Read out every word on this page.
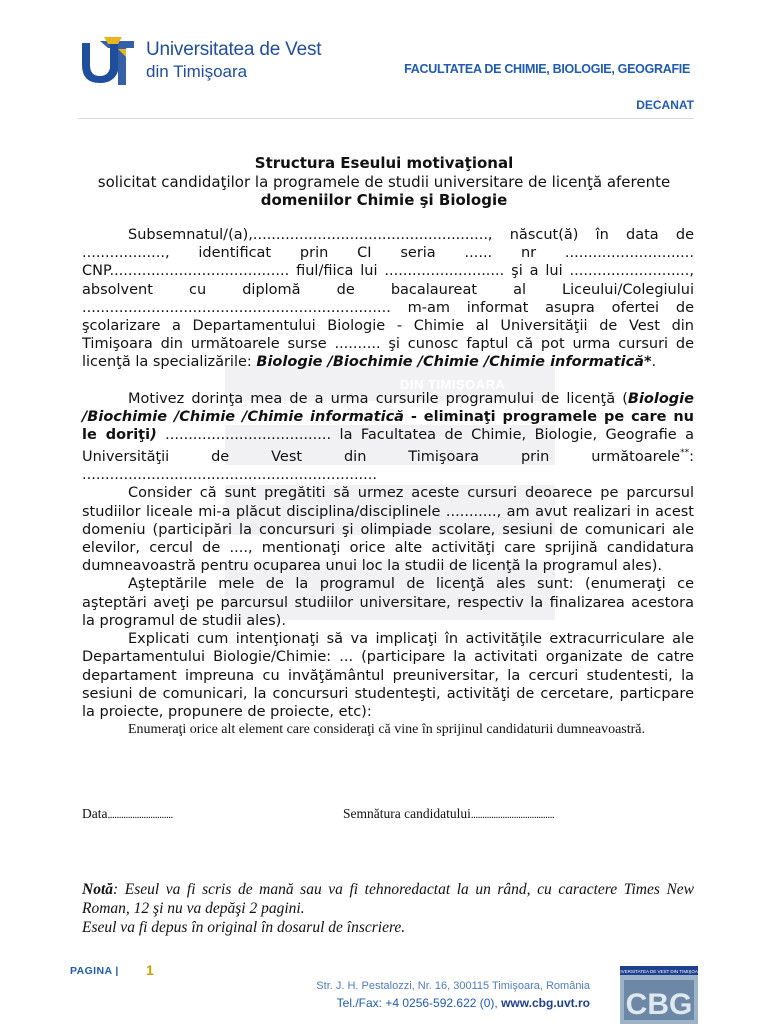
Universitatea de Vest
din Timişoara	FACULTATEA DE CHIMIE, BIOLOGIE, GEOGRAFIE
DECANAT
DIN TIMIŞOARA
Structura Eseului motivaţional
solicitat candidaţilor la programele de studii universitare de licenţă aferente
domeniilor Chimie şi Biologie

Subsemnatul/(a),..................................................., născut(ă) în data de .................., identificat prin CI seria ...... nr ............................ CNP....................................... fiul/fiica lui .......................... şi a lui .........................., absolvent cu diplomă de bacalaureat al Liceului/Colegiului ................................................................... m-am informat asupra ofertei de şcolarizare a Departamentului Biologie - Chimie al Universităţii de Vest din Timişoara din următoarele surse .......... şi cunosc faptul că pot urma cursuri de licenţă la specializările: Biologie /Biochimie /Chimie /Chimie informatică*.

Motivez dorinţa mea de a urma cursurile programului de licenţă (Biologie /Biochimie /Chimie /Chimie informatică - eliminaţi programele pe care nu le doriţi) .................................... la Facultatea de Chimie, Biologie, Geografie a Universităţii de Vest din Timişoara prin următoarele**: ................................................................

Consider că sunt pregătiti să urmez aceste cursuri deoarece pe parcursul studiilor liceale mi-a plăcut disciplina/disciplinele ..........., am avut realizari in acest domeniu (participări la concursuri şi olimpiade scolare, sesiuni de comunicari ale elevilor, cercul de ...., mentionaţi orice alte activităţi care sprijină candidatura dumneavoastră pentru ocuparea unui loc la studii de licenţă la programul ales).

Aşteptările mele de la programul de licenţă ales sunt: (enumeraţi ce aşteptări aveţi pe parcursul studiilor universitare, respectiv la finalizarea acestora la programul de studii ales).

Explicati cum intenţionaţi să va implicaţi în activităţile extracurriculare ale Departamentului Biologie/Chimie: ... (participare la activitati organizate de catre departament impreuna cu invăţământul preuniversitar, la cercuri studentesti, la sesiuni de comunicari, la concursuri studenteşti, activităţi de cercetare, particpare la proiecte, propunere de proiecte, etc):

Enumeraţi orice alt element care consideraţi că vine în sprijinul candidaturii dumneavoastră.

Data.............................	Semnătura candidatului.....................................
Notă: Eseul va fi scris de mană sau va fi tehnoredactat la un rând, cu caractere Times New Roman, 12 şi nu va depăşi 2 pagini.
Eseul va fi depus în original în dosarul de înscriere.
PAGINA | 1
Str. J. H. Pestalozzi, Nr. 16, 300115 Timişoara, România
Tel./Fax: +4 0256-592.622 (0), www.cbg.uvt.ro CBG
UNIVERSITATEA DE VEST DIN TIMIŞOARA
